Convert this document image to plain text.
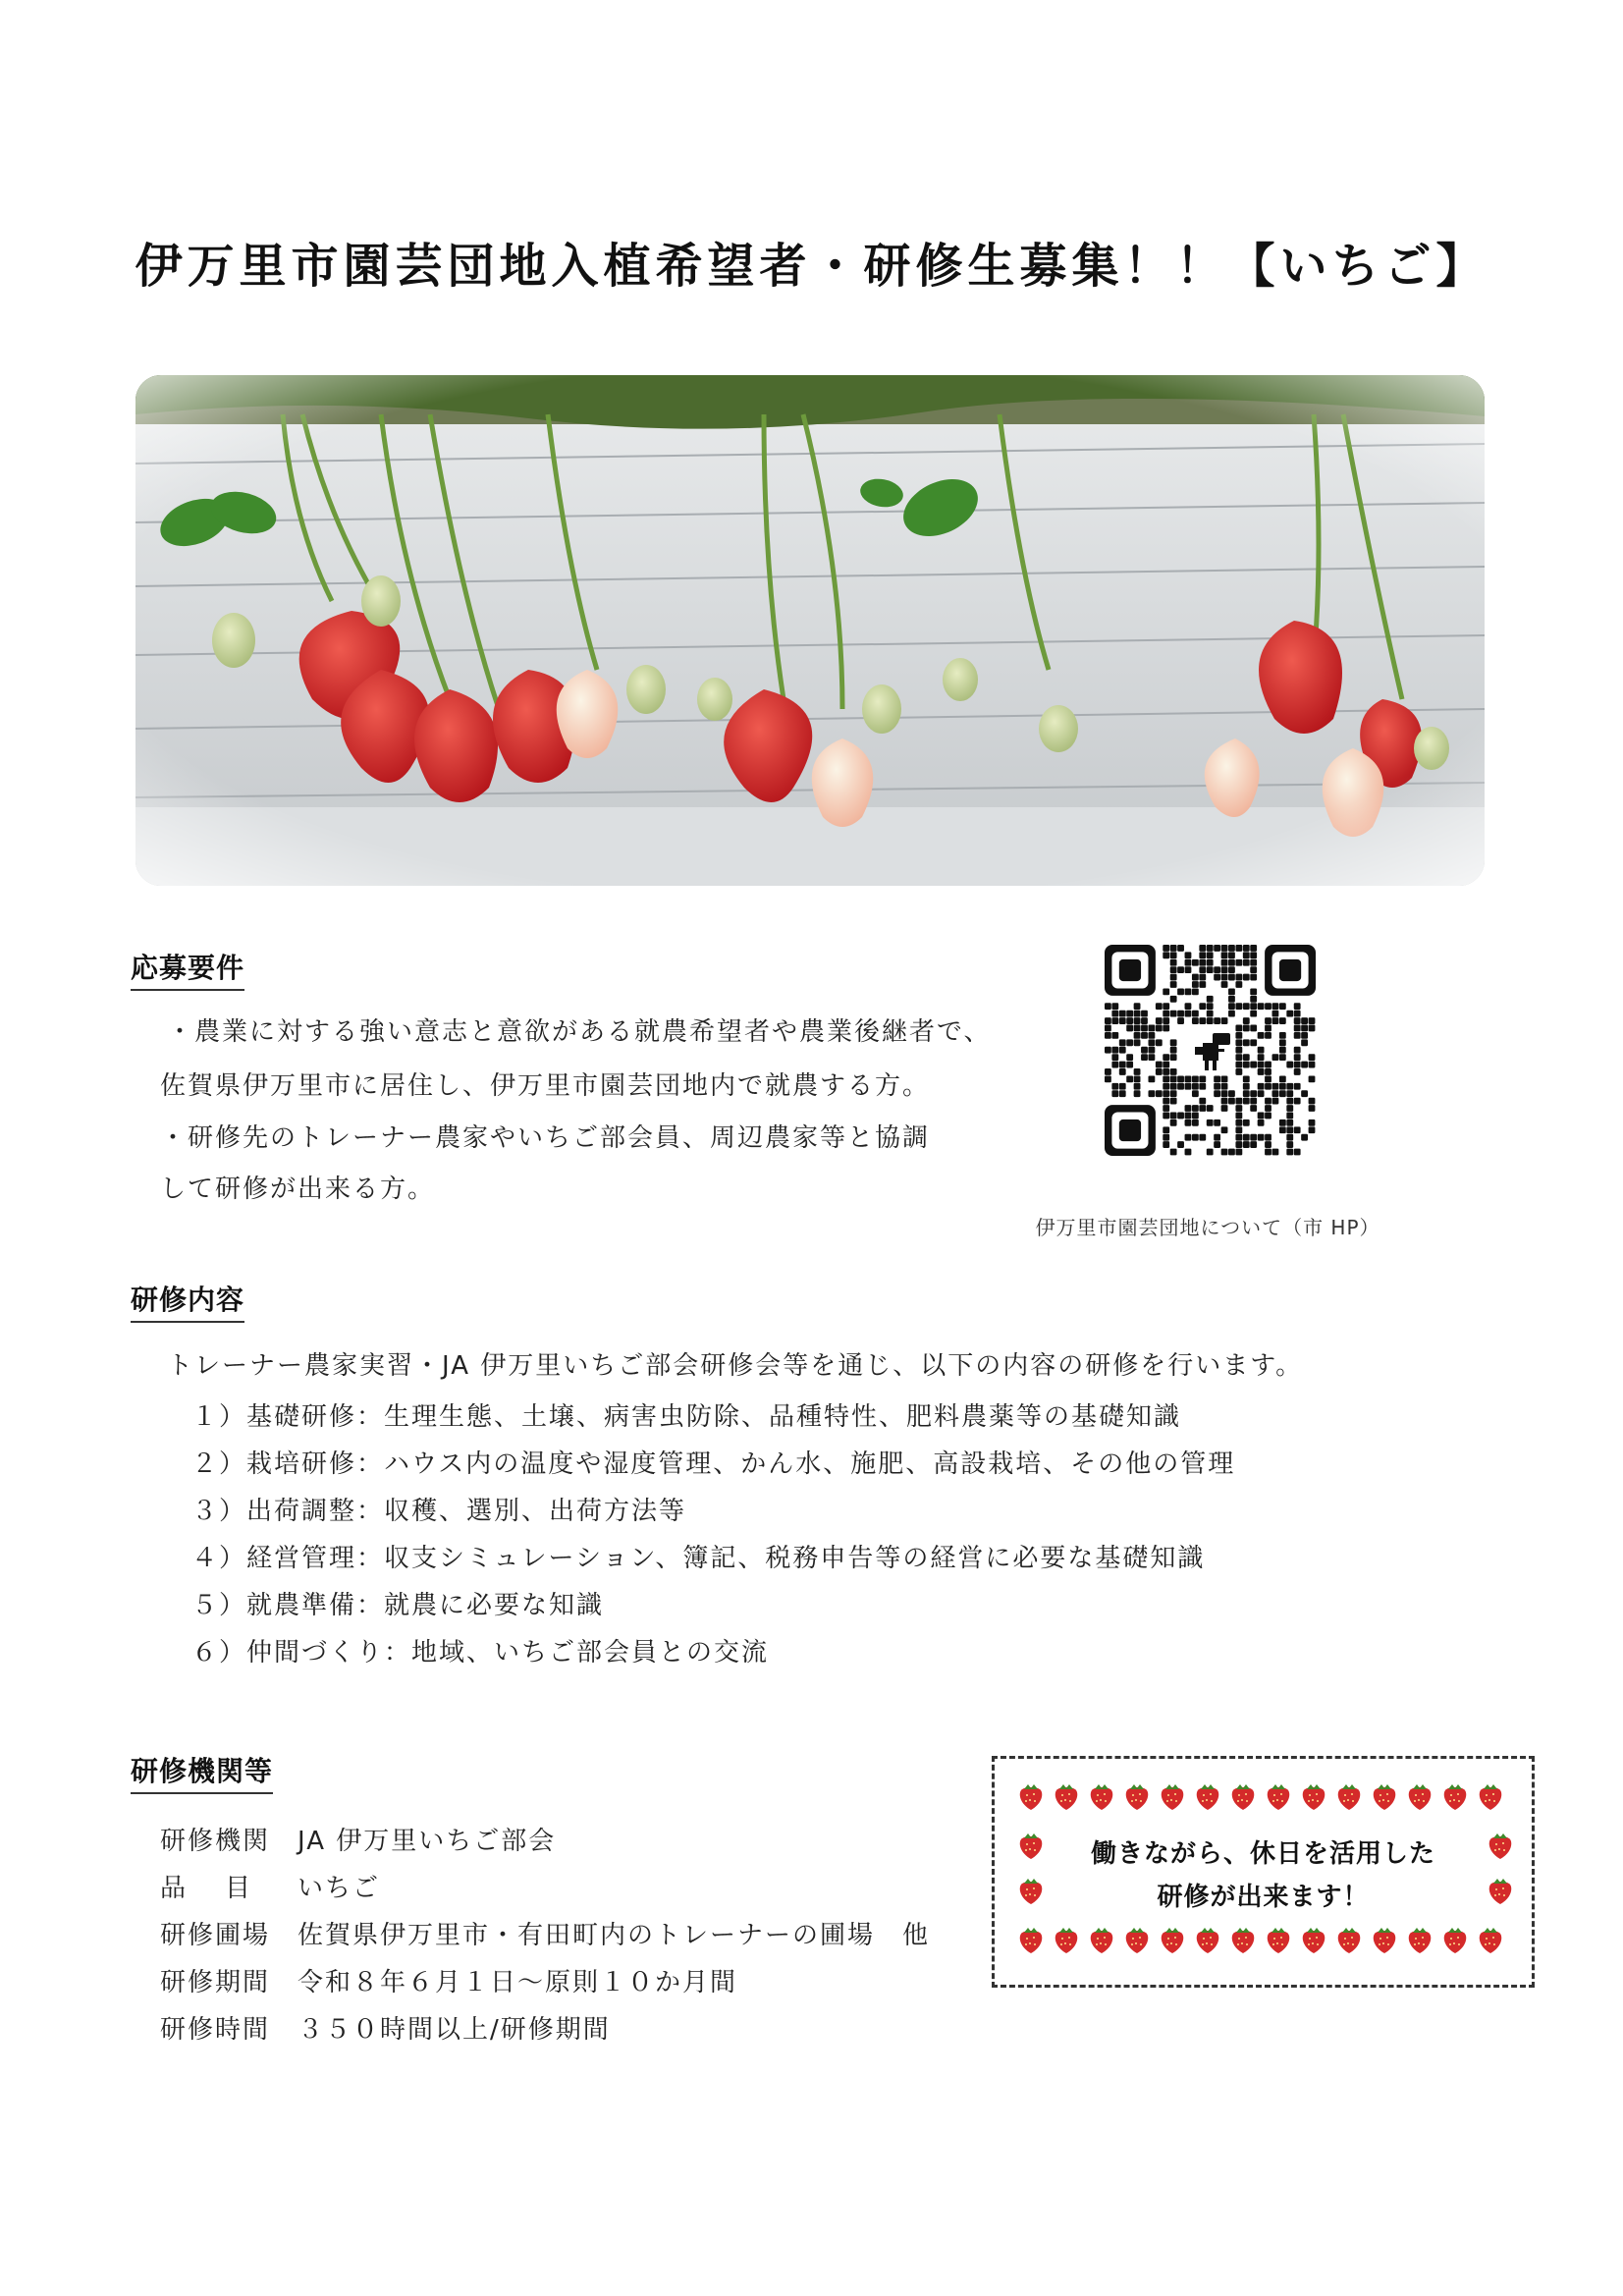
伊万里市園芸団地入植希望者・研修生募集！！【いちご】
応募要件
・農業に対する強い意志と意欲がある就農希望者や農業後継者で、
佐賀県伊万里市に居住し、伊万里市園芸団地内で就農する方。
・研修先のトレーナー農家やいちご部会員、周辺農家等と協調
して研修が出来る方。
伊万里市園芸団地について（市 HP）
研修内容
トレーナー農家実習・JA 伊万里いちご部会研修会等を通じ、以下の内容の研修を行います。
１）基礎研修：生理生態、土壌、病害虫防除、品種特性、肥料農薬等の基礎知識
２）栽培研修：ハウス内の温度や湿度管理、かん水、施肥、高設栽培、その他の管理
３）出荷調整：収穫、選別、出荷方法等
４）経営管理：収支シミュレーション、簿記、税務申告等の経営に必要な基礎知識
５）就農準備：就農に必要な知識
６）仲間づくり：地域、いちご部会員との交流
研修機関等
研修機関 JA 伊万里いちご部会
品目 いちご
研修圃場 佐賀県伊万里市・有田町内のトレーナーの圃場　他
研修期間 令和８年６月１日～原則１０か月間
研修時間 ３５０時間以上/研修期間
働きながら、休日を活用した
研修が出来ます！
